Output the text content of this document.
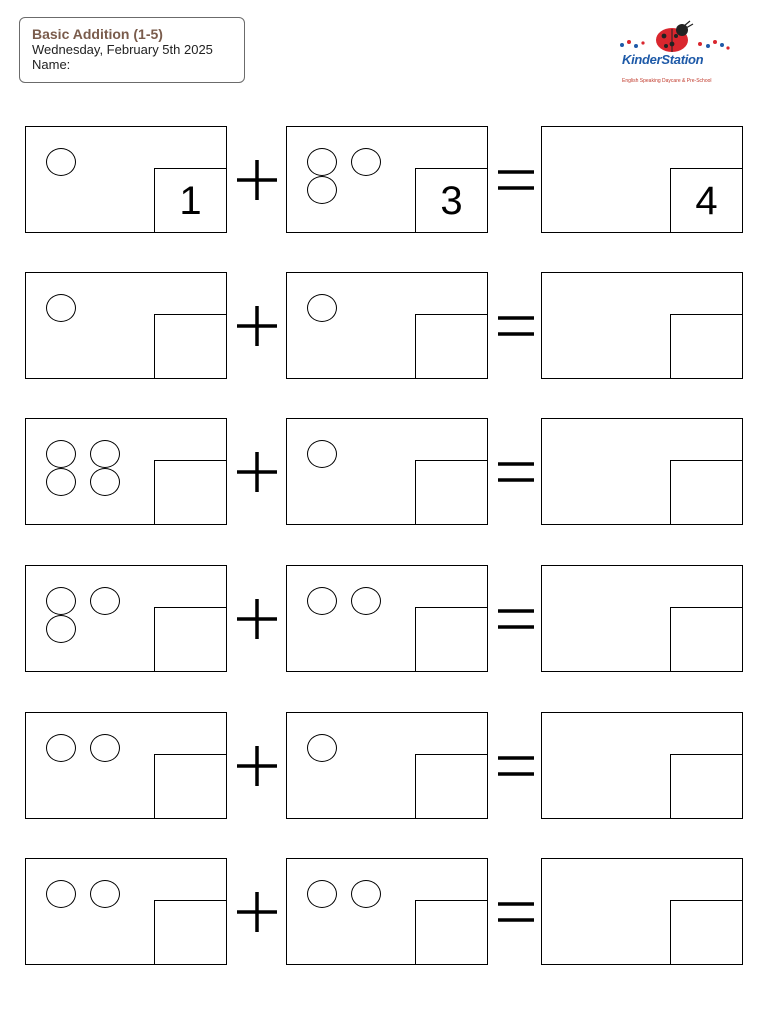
Basic Addition (1-5)
Wednesday, February 5th 2025
Name:	KinderStation
English Speaking Daycare & Pre-School
1	3	4
